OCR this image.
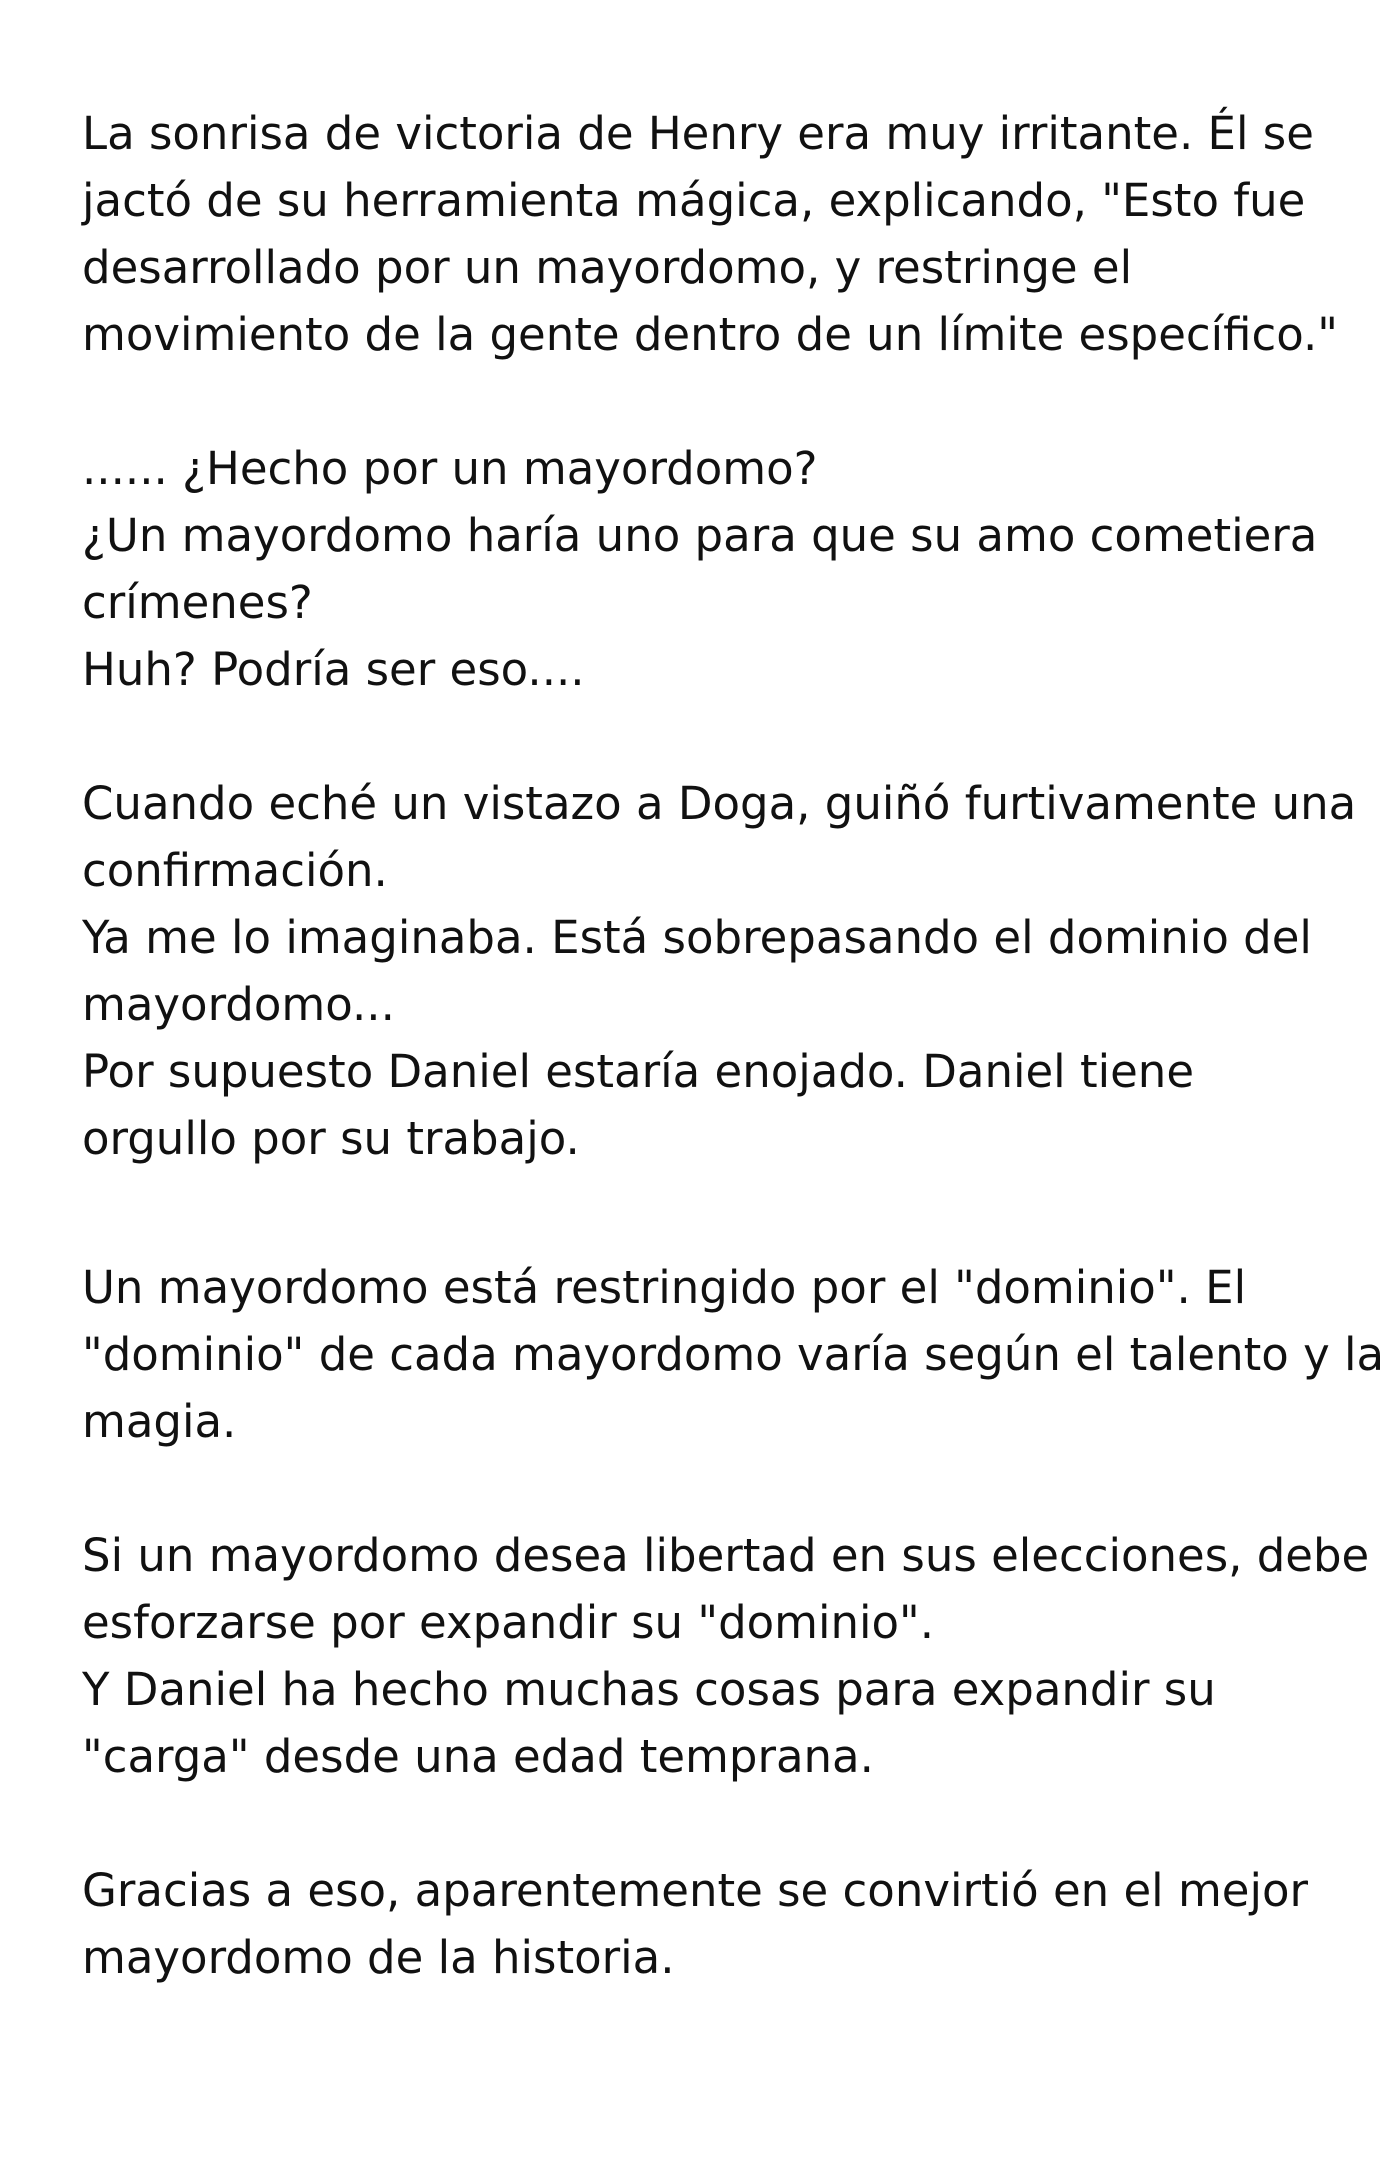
La sonrisa de victoria de Henry era muy irritante. Él se
jactó de su herramienta mágica, explicando, "Esto fue
desarrollado por un mayordomo, y restringe el
movimiento de la gente dentro de un límite específico."

...... ¿Hecho por un mayordomo?
¿Un mayordomo haría uno para que su amo cometiera
crímenes?
Huh? Podría ser eso....

Cuando eché un vistazo a Doga, guiñó furtivamente una
confirmación.
Ya me lo imaginaba. Está sobrepasando el dominio del
mayordomo...
Por supuesto Daniel estaría enojado. Daniel tiene
orgullo por su trabajo.

Un mayordomo está restringido por el "dominio". El
"dominio" de cada mayordomo varía según el talento y la
magia.

Si un mayordomo desea libertad en sus elecciones, debe
esforzarse por expandir su "dominio".
Y Daniel ha hecho muchas cosas para expandir su
"carga" desde una edad temprana.

Gracias a eso, aparentemente se convirtió en el mejor
mayordomo de la historia.
